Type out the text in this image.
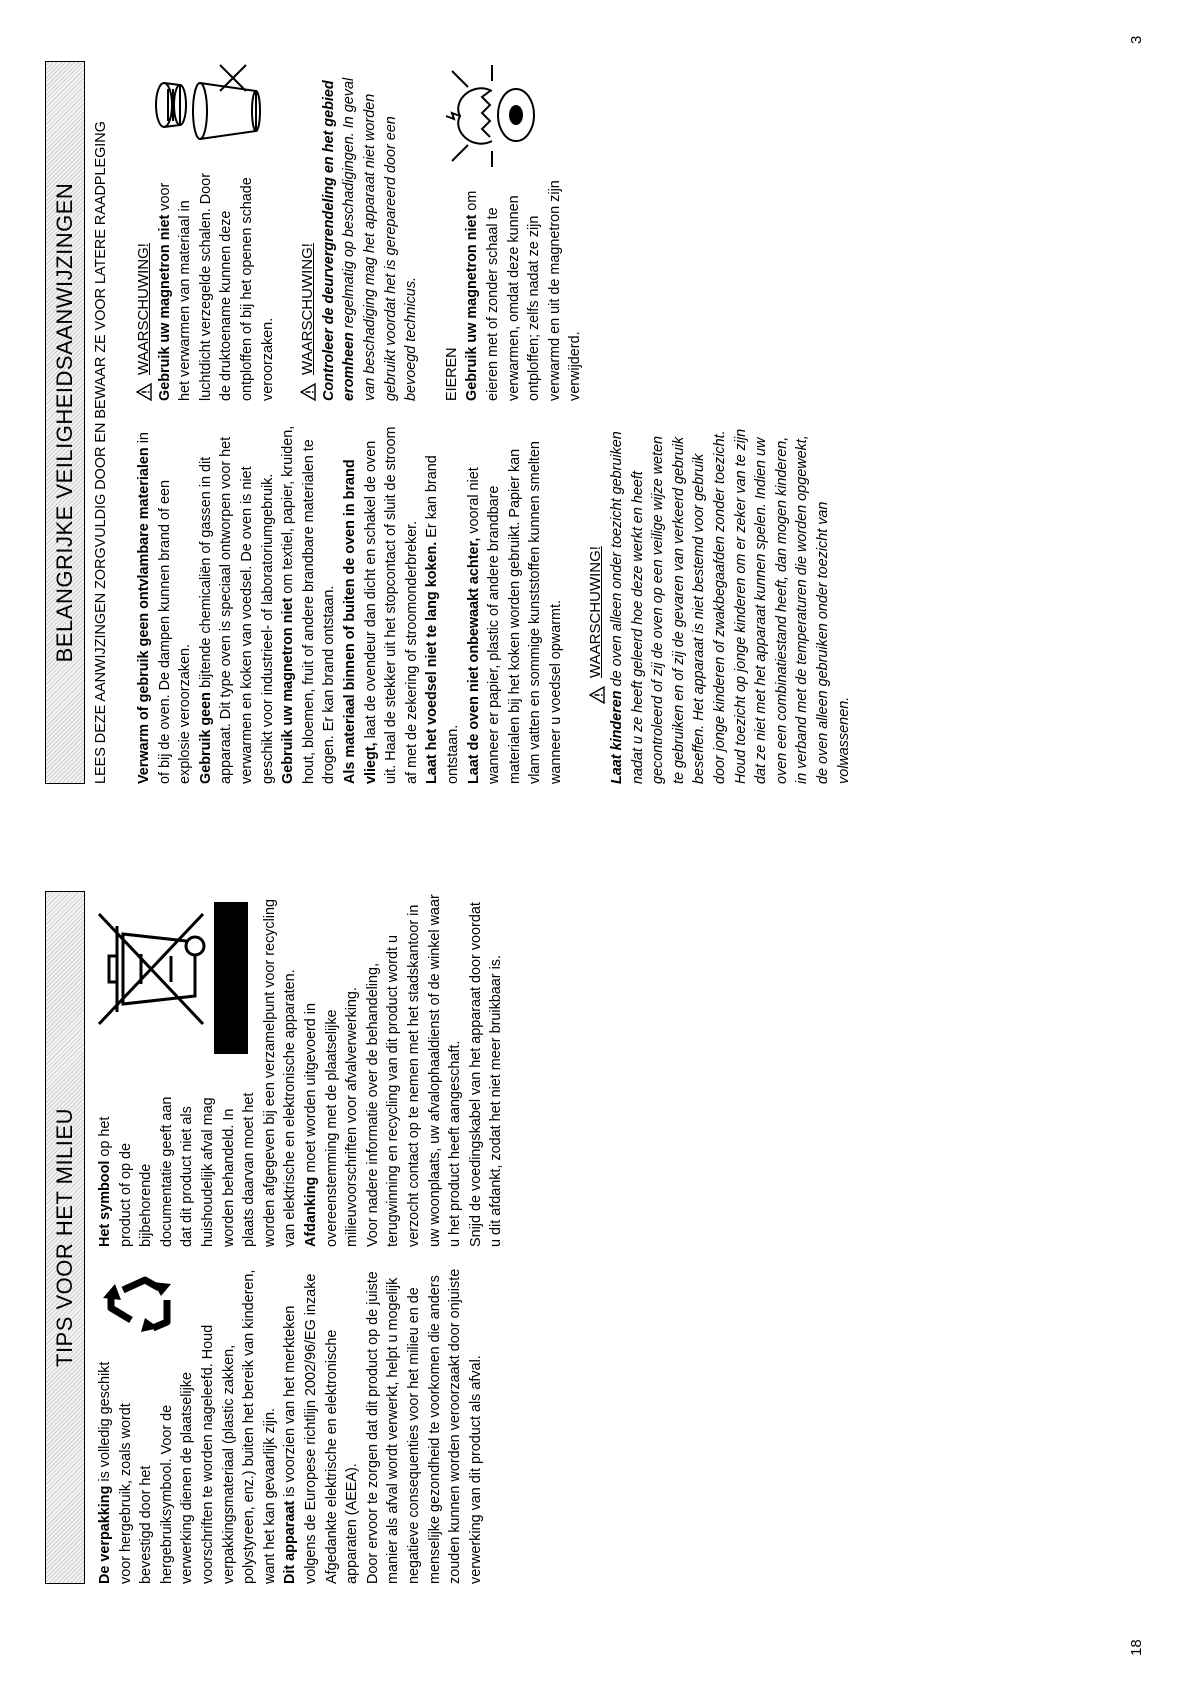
18
3
TIPS VOOR HET MILIEU

De verpakking is volledig geschikt voor hergebruik, zoals wordt bevestigd door het hergebruiksymbool. Voor de verwerking dienen de plaatselijke voorschriften te worden nageleefd. Houd verpakkingsmateriaal (plastic zakken, polystyreen, enz.) buiten het bereik van kinderen, want het kan gevaarlijk zijn. Dit apparaat is voorzien van het merkteken volgens de Europese richtlijn 2002/96/EG inzake Afgedankte elektrische en elektronische apparaten (AEEA). Door ervoor te zorgen dat dit product op de juiste manier als afval wordt verwerkt, helpt u mogelijk negatieve consequenties voor het milieu en de menselijke gezondheid te voorkomen die anders zouden kunnen worden veroorzaakt door onjuiste verwerking van dit product als afval.

Het symbool op het product of op de bijbehorende documentatie geeft aan dat dit product niet als huishoudelijk afval mag worden behandeld. In plaats daarvan moet het worden afgegeven bij een verzamelpunt voor recycling van elektrische en elektronische apparaten. Afdanking moet worden uitgevoerd in overeenstemming met de plaatselijke milieuvoorschriften voor afvalverwerking. Voor nadere informatie over de behandeling, terugwinning en recycling van dit product wordt u verzocht contact op te nemen met het stadskantoor in uw woonplaats, uw afvalophaaldienst of de winkel waar u het product heeft aangeschaft. Snijd de voedingskabel van het apparaat door voordat u dit afdankt, zodat het niet meer bruikbaar is.

BELANGRIJKE VEILIGHEIDSAANWIJZINGEN LEES DEZE AANWIJZINGEN ZORGVULDIG DOOR EN BEWAAR ZE VOOR LATERE RAADPLEGING Verwarm of gebruik geen ontvlambare materialen in of bij de oven. De dampen kunnen brand of een explosie veroorzaken. Gebruik geen bijtende chemicaliën of gassen in dit apparaat. Dit type oven is speciaal ontworpen voor het verwarmen en koken van voedsel. De oven is niet geschikt voor industrieel- of laboratoriumgebruik. Gebruik uw magnetron niet om textiel, papier, kruiden, hout, bloemen, fruit of andere brandbare materialen te drogen. Er kan brand ontstaan. Als materiaal binnen of buiten de oven in brand vliegt, laat de ovendeur dan dicht en schakel de oven uit. Haal de stekker uit het stopcontact of sluit de stroom af met de zekering of stroomonderbreker. Laat het voedsel niet te lang koken. Er kan brand ontstaan. Laat de oven niet onbewaakt achter, vooral niet wanneer er papier, plastic of andere brandbare materialen bij het koken worden gebruikt. Papier kan vlam vatten en sommige kunststoffen kunnen smelten wanneer u voedsel opwarmt. WAARSCHUWING!

Laat kinderen de oven alleen onder toezicht gebruiken nadat u ze heeft geleerd hoe deze werkt en heeft gecontroleerd of zij de oven op een veilige wijze weten te gebruiken en of zij de gevaren van verkeerd gebruik beseffen. Het apparaat is niet bestemd voor gebruik door jonge kinderen of zwakbegaafden zonder toezicht. Houd toezicht op jonge kinderen om er zeker van te zijn dat ze niet met het apparaat kunnen spelen. Indien uw oven een combinatiestand heeft, dan mogen kinderen, in verband met de temperaturen die worden opgewekt, de oven alleen gebruiken onder toezicht van volwassenen.

WAARSCHUWING! Gebruik uw magnetron niet voor het verwarmen van materiaal in luchtdicht verzegelde schalen. Door de druktoename kunnen deze ontploffen of bij het openen schade veroorzaken. WAARSCHUWING! Controleer de deurvergrendeling en het gebied eromheen regelmatig op beschadigingen. In geval van beschadiging mag het apparaat niet worden gebruikt voordat het is gerepareerd door een bevoegd technicus. EIEREN Gebruik uw magnetron niet om eieren met of zonder schaal te verwarmen, omdat deze kunnen ontploffen; zelfs nadat ze zijn verwarmd en uit de magnetron zijn verwijderd.
